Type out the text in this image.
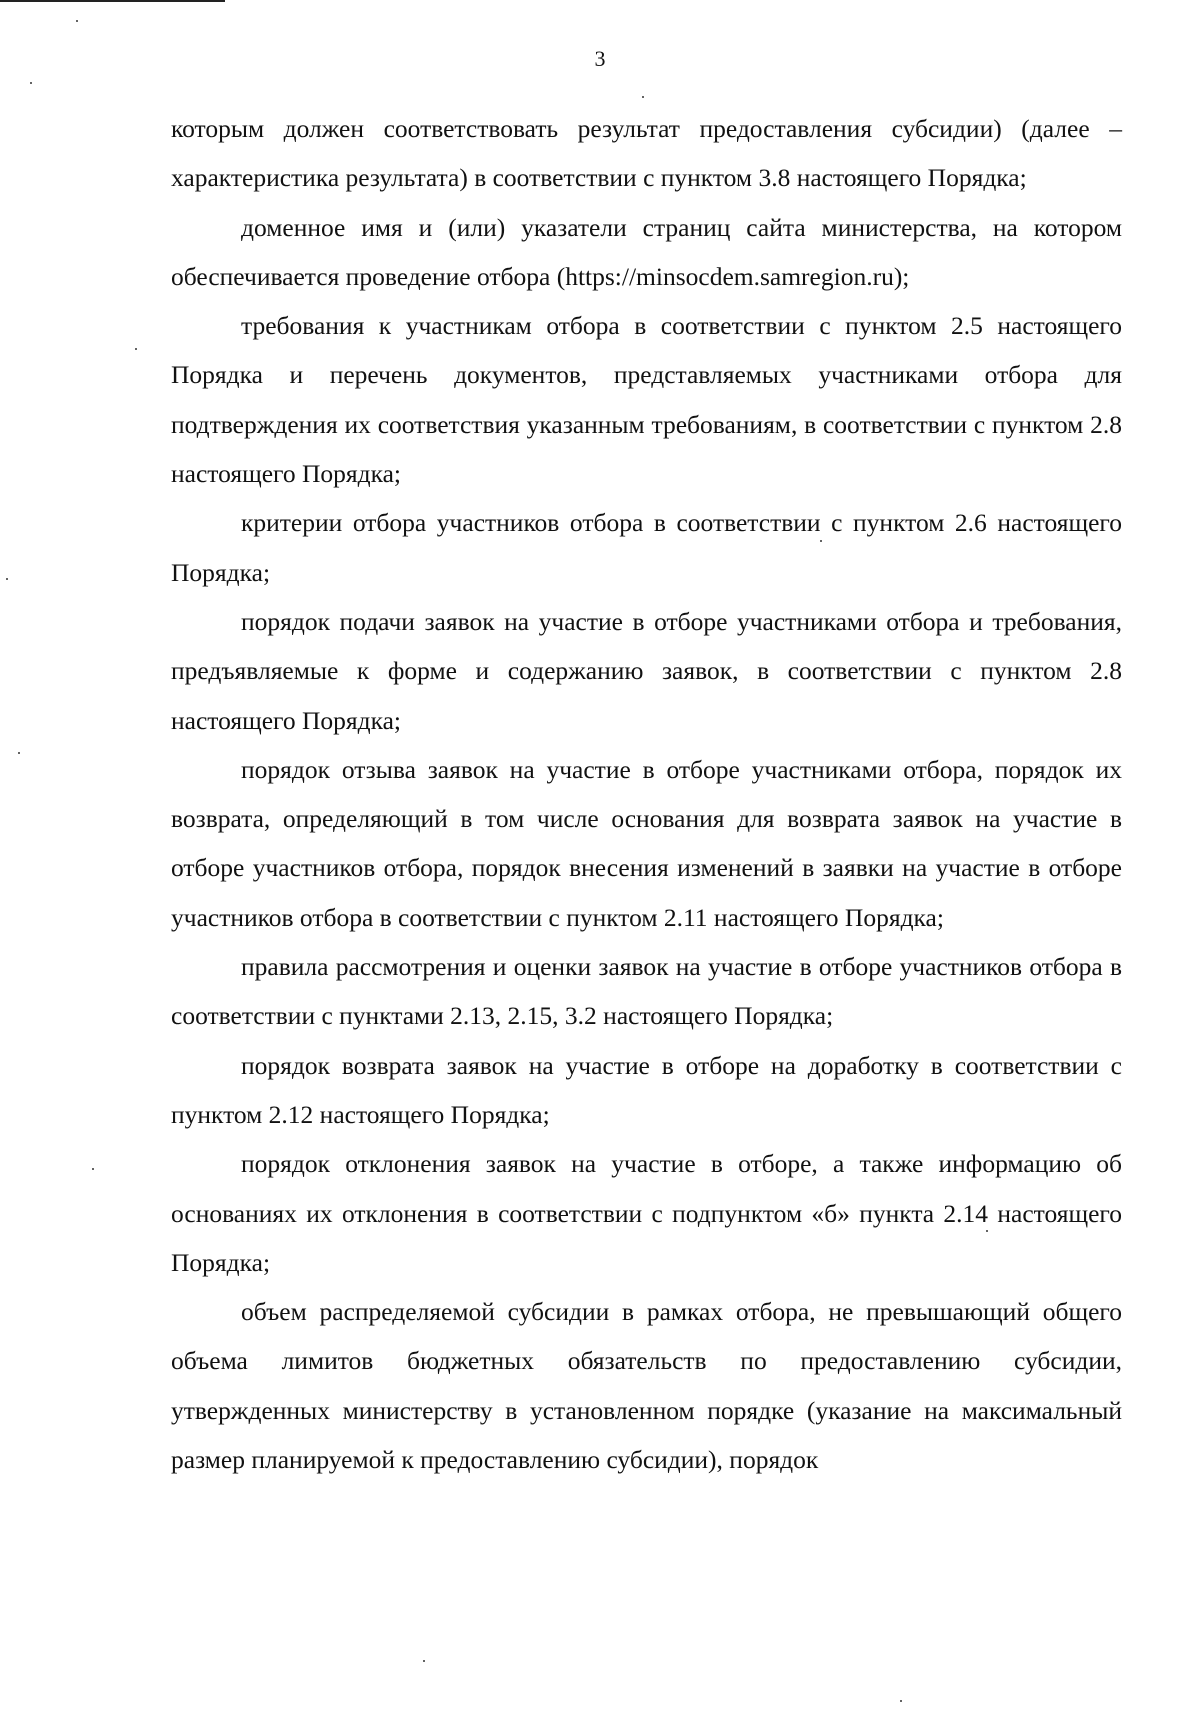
3

которым должен соответствовать результат предоставления субсидии) (далее – характеристика результата) в соответствии с пунктом 3.8 настоящего Порядка;

доменное имя и (или) указатели страниц сайта министерства, на котором обеспечивается проведение отбора (https://minsocdem.samregion.ru);

требования к участникам отбора в соответствии с пунктом 2.5 настоящего Порядка и перечень документов, представляемых участниками отбора для подтверждения их соответствия указанным требованиям, в соответствии с пунктом 2.8 настоящего Порядка;

критерии отбора участников отбора в соответствии с пунктом 2.6 настоящего Порядка;

порядок подачи заявок на участие в отборе участниками отбора и требования, предъявляемые к форме и содержанию заявок, в соответствии с пунктом 2.8 настоящего Порядка;

порядок отзыва заявок на участие в отборе участниками отбора, порядок их возврата, определяющий в том числе основания для возврата заявок на участие в отборе участников отбора, порядок внесения изменений в заявки на участие в отборе участников отбора в соответствии с пунктом 2.11 настоящего Порядка;

правила рассмотрения и оценки заявок на участие в отборе участников отбора в соответствии с пунктами 2.13, 2.15, 3.2 настоящего Порядка;

порядок возврата заявок на участие в отборе на доработку в соответствии с пунктом 2.12 настоящего Порядка;

порядок отклонения заявок на участие в отборе, а также информацию об основаниях их отклонения в соответствии с подпунктом «б» пункта 2.14 настоящего Порядка;

объем распределяемой субсидии в рамках отбора, не превышающий общего объема лимитов бюджетных обязательств по предоставлению субсидии, утвержденных министерству в установленном порядке (указание на максимальный размер планируемой к предоставлению субсидии), порядок
